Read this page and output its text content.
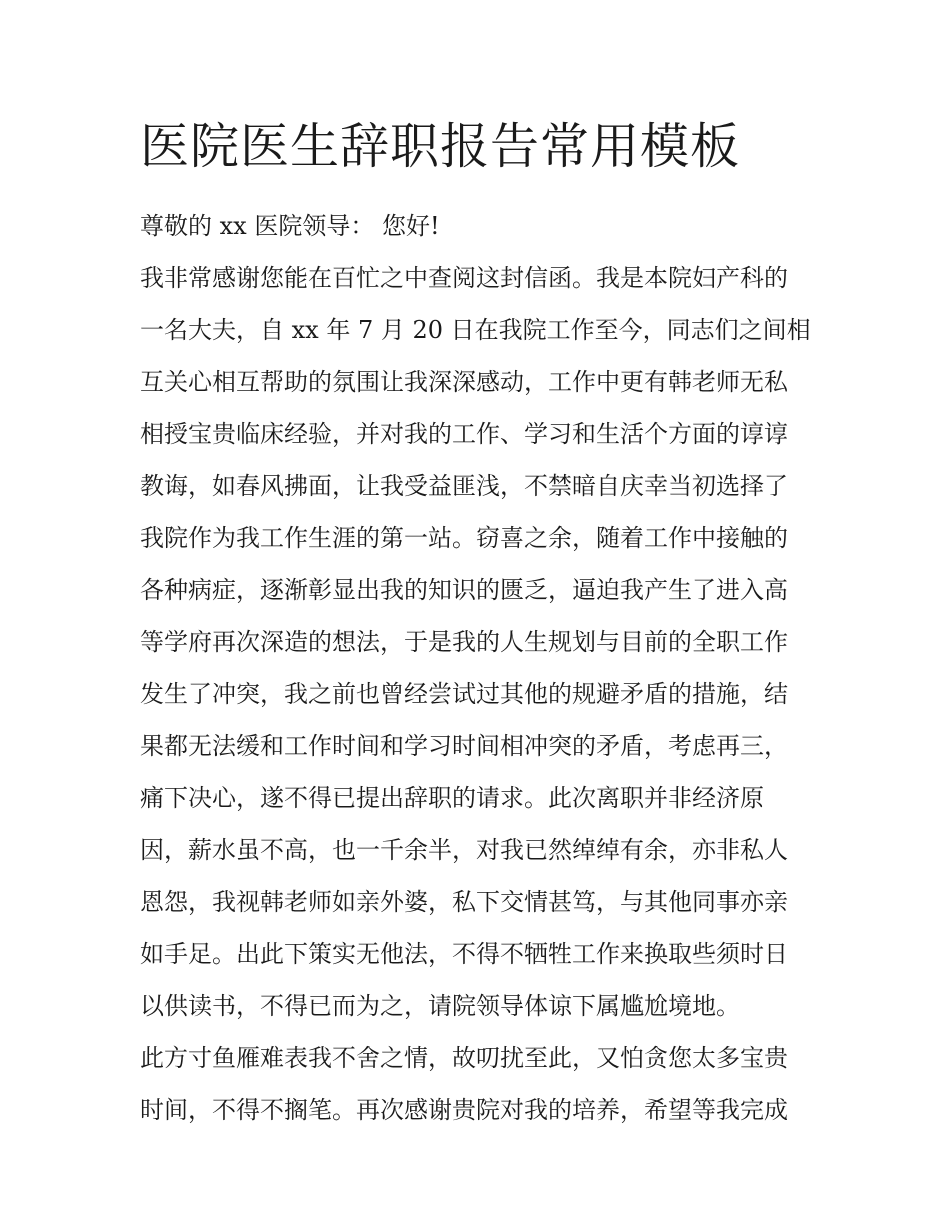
医院医生辞职报告常用模板
尊敬的 xx 医院领导： 您好!
我非常感谢您能在百忙之中查阅这封信函。我是本院妇产科的
一名大夫，自 xx 年 7 月 20 日在我院工作至今，同志们之间相
互关心相互帮助的氛围让我深深感动，工作中更有韩老师无私
相授宝贵临床经验，并对我的工作、学习和生活个方面的谆谆
教诲，如春风拂面，让我受益匪浅，不禁暗自庆幸当初选择了
我院作为我工作生涯的第一站。窃喜之余，随着工作中接触的
各种病症，逐渐彰显出我的知识的匮乏，逼迫我产生了进入高
等学府再次深造的想法，于是我的人生规划与目前的全职工作
发生了冲突，我之前也曾经尝试过其他的规避矛盾的措施，结
果都无法缓和工作时间和学习时间相冲突的矛盾，考虑再三，
痛下决心，遂不得已提出辞职的请求。此次离职并非经济原
因，薪水虽不高，也一千余半，对我已然绰绰有余，亦非私人
恩怨，我视韩老师如亲外婆，私下交情甚笃，与其他同事亦亲
如手足。出此下策实无他法，不得不牺牲工作来换取些须时日
以供读书，不得已而为之，请院领导体谅下属尴尬境地。
此方寸鱼雁难表我不舍之情，故叨扰至此，又怕贪您太多宝贵
时间，不得不搁笔。再次感谢贵院对我的培养，希望等我完成
